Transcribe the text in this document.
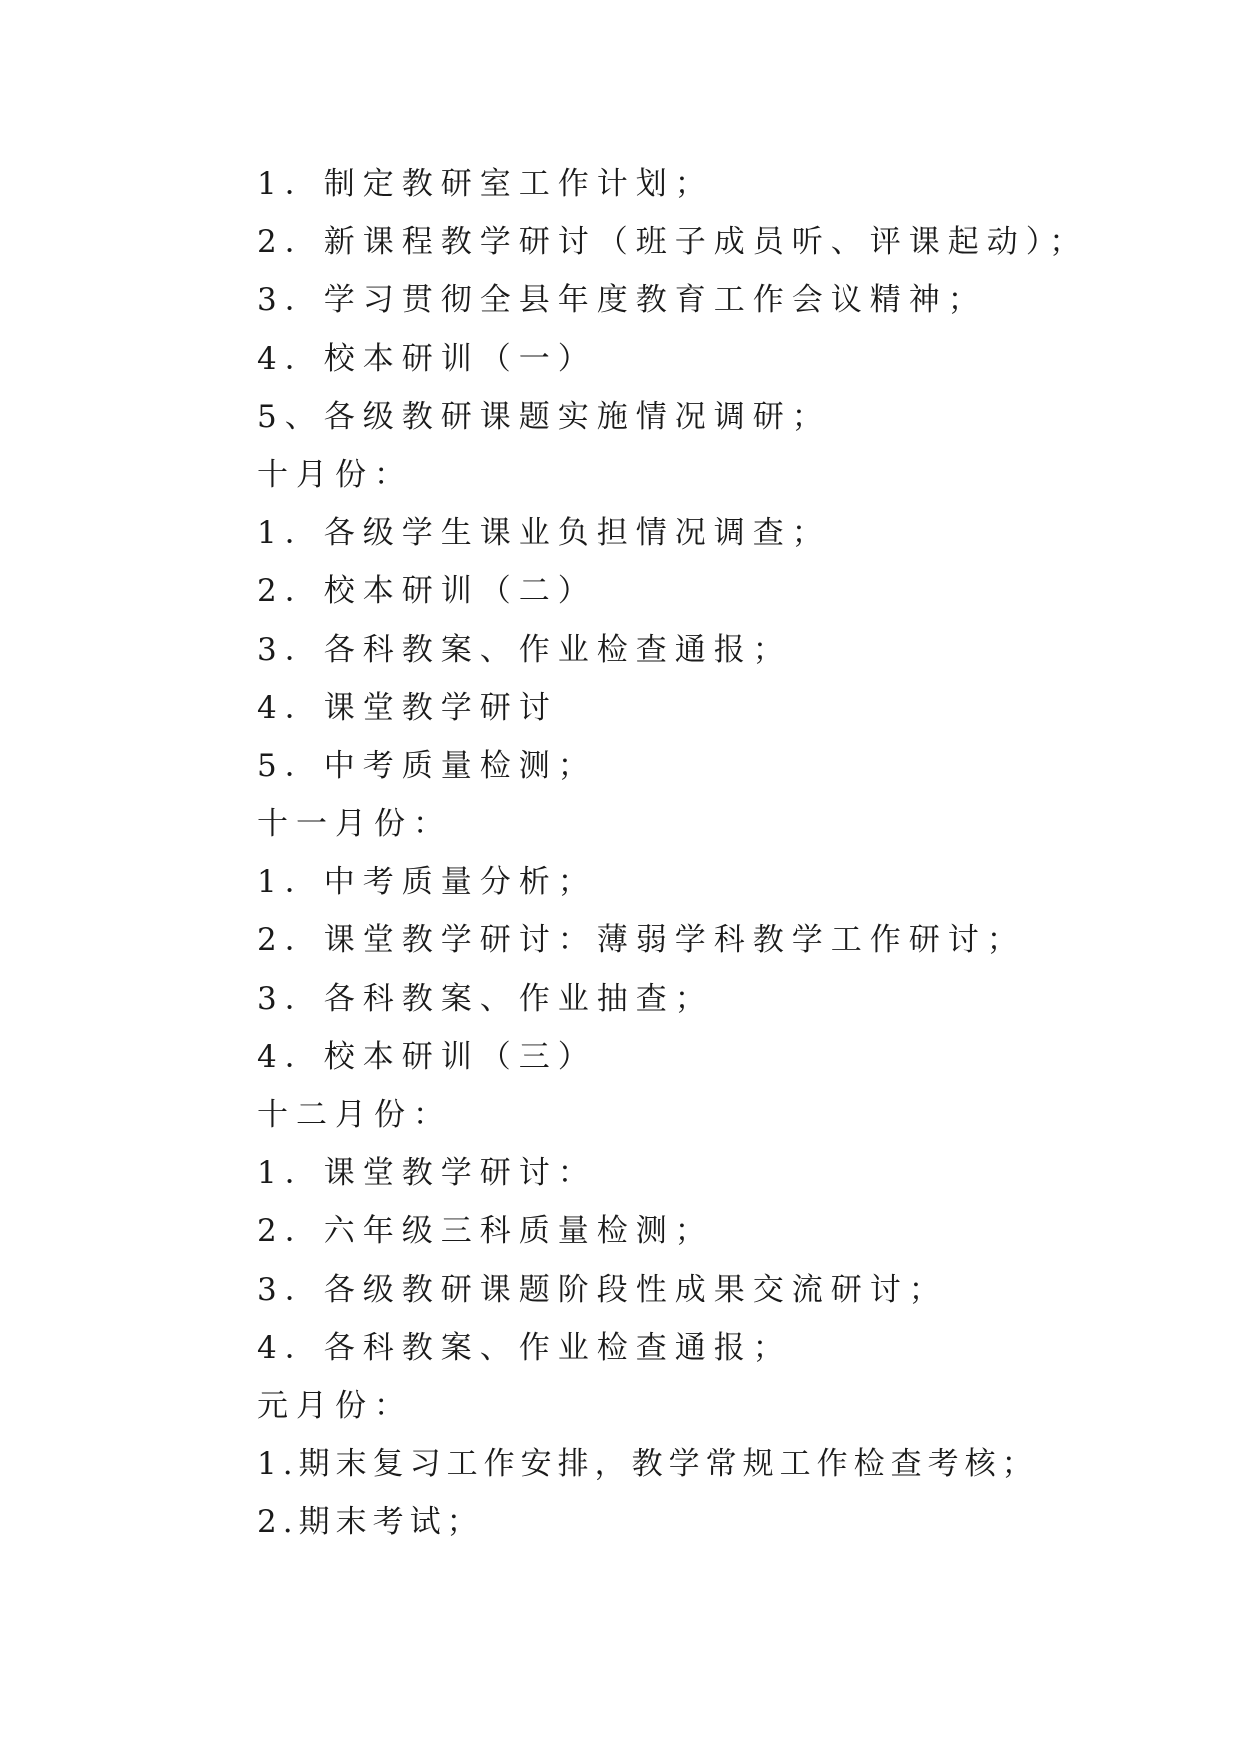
1．制定教研室工作计划；

2．新课程教学研讨（班子成员听、评课起动）；

3．学习贯彻全县年度教育工作会议精神；

4．校本研训（一）

5、各级教研课题实施情况调研；

十月份：

1．各级学生课业负担情况调查；

2．校本研训（二）

3．各科教案、作业检查通报；

4．课堂教学研讨

5．中考质量检测；

十一月份：

1．中考质量分析；

2．课堂教学研讨：薄弱学科教学工作研讨；

3．各科教案、作业抽查；

4．校本研训（三）

十二月份：

1．课堂教学研讨：

2．六年级三科质量检测；

3．各级教研课题阶段性成果交流研讨；

4．各科教案、作业检查通报；

元月份：

1.期末复习工作安排，教学常规工作检查考核；

2.期末考试；
